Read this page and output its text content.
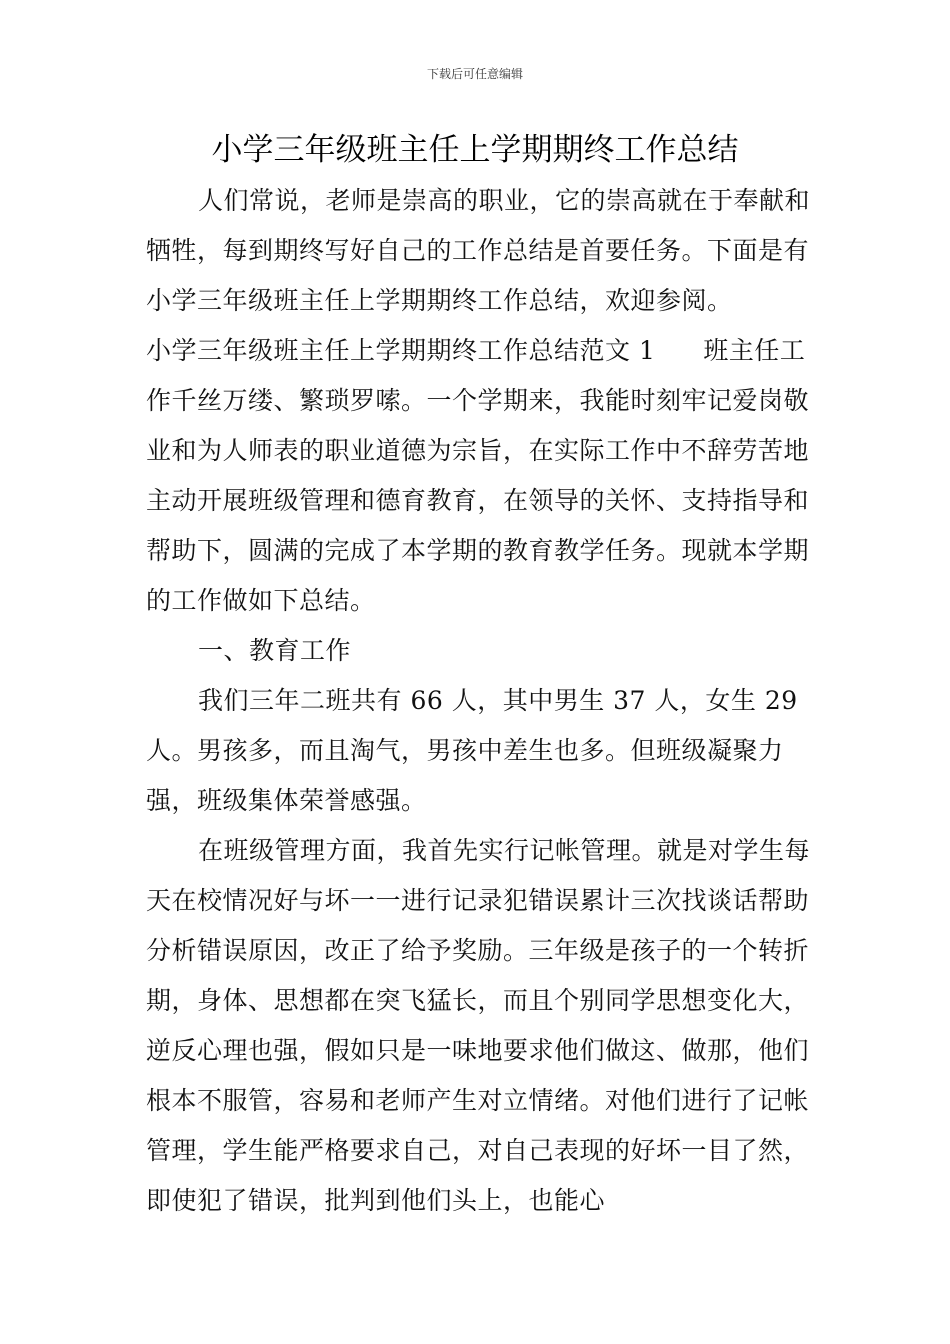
下载后可任意编辑
小学三年级班主任上学期期终工作总结

人们常说，老师是崇高的职业，它的崇高就在于奉献和牺牲，每到期终写好自己的工作总结是首要任务。下面是有小学三年级班主任上学期期终工作总结，欢迎参阅。

小学三年级班主任上学期期终工作总结范文 1 班主任工作千丝万缕、繁琐罗嗦。一个学期来，我能时刻牢记爱岗敬业和为人师表的职业道德为宗旨，在实际工作中不辞劳苦地主动开展班级管理和德育教育，在领导的关怀、支持指导和帮助下，圆满的完成了本学期的教育教学任务。现就本学期的工作做如下总结。

一、教育工作

我们三年二班共有 66 人，其中男生 37 人，女生 29 人。男孩多，而且淘气，男孩中差生也多。但班级凝聚力强，班级集体荣誉感强。

在班级管理方面，我首先实行记帐管理。就是对学生每天在校情况好与坏一一进行记录犯错误累计三次找谈话帮助分析错误原因，改正了给予奖励。三年级是孩子的一个转折期，身体、思想都在突飞猛长，而且个别同学思想变化大，逆反心理也强，假如只是一味地要求他们做这、做那，他们根本不服管，容易和老师产生对立情绪。对他们进行了记帐管理，学生能严格要求自己，对自己表现的好坏一目了然，即使犯了错误，批判到他们头上，也能心
